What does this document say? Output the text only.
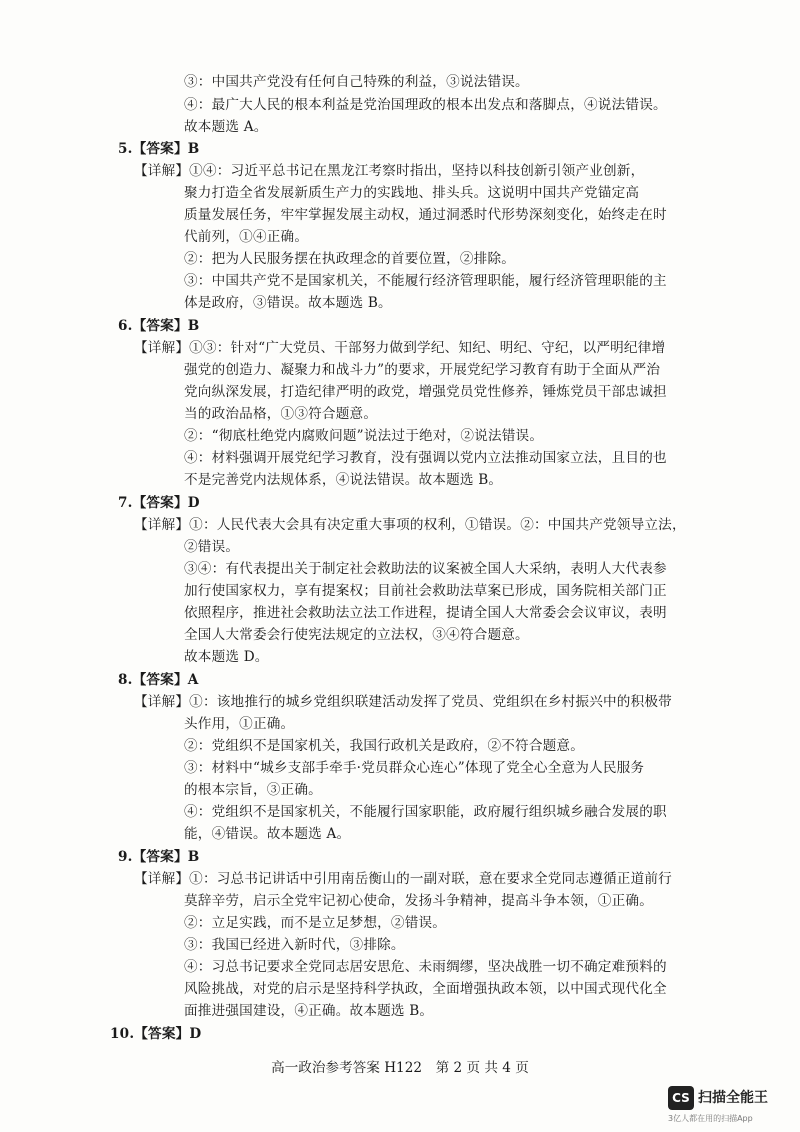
③：中国共产党没有任何自己特殊的利益，③说法错误。
④：最广大人民的根本利益是党治国理政的根本出发点和落脚点，④说法错误。
故本题选 A。
5.【答案】B
【详解】①④：习近平总书记在黑龙江考察时指出，坚持以科技创新引领产业创新，
聚力打造全省发展新质生产力的实践地、排头兵。这说明中国共产党锚定高
质量发展任务，牢牢掌握发展主动权，通过洞悉时代形势深刻变化，始终走在时
代前列，①④正确。
②：把为人民服务摆在执政理念的首要位置，②排除。
③：中国共产党不是国家机关，不能履行经济管理职能，履行经济管理职能的主
体是政府，③错误。故本题选 B。
6.【答案】B
【详解】①③：针对“广大党员、干部努力做到学纪、知纪、明纪、守纪，以严明纪律增
强党的创造力、凝聚力和战斗力”的要求，开展党纪学习教育有助于全面从严治
党向纵深发展，打造纪律严明的政党，增强党员党性修养，锤炼党员干部忠诚担
当的政治品格，①③符合题意。
②：“彻底杜绝党内腐败问题”说法过于绝对，②说法错误。
④：材料强调开展党纪学习教育，没有强调以党内立法推动国家立法，且目的也
不是完善党内法规体系，④说法错误。故本题选 B。
7.【答案】D
【详解】①：人民代表大会具有决定重大事项的权利，①错误。②：中国共产党领导立法，
②错误。
③④：有代表提出关于制定社会救助法的议案被全国人大采纳，表明人大代表参
加行使国家权力，享有提案权；目前社会救助法草案已形成，国务院相关部门正
依照程序，推进社会救助法立法工作进程，提请全国人大常委会会议审议，表明
全国人大常委会行使宪法规定的立法权，③④符合题意。
故本题选 D。
8.【答案】A
【详解】①：该地推行的城乡党组织联建活动发挥了党员、党组织在乡村振兴中的积极带
头作用，①正确。
②：党组织不是国家机关，我国行政机关是政府，②不符合题意。
③：材料中“城乡支部手牵手·党员群众心连心”体现了党全心全意为人民服务
的根本宗旨，③正确。
④：党组织不是国家机关，不能履行国家职能，政府履行组织城乡融合发展的职
能，④错误。故本题选 A。
9.【答案】B
【详解】①：习总书记讲话中引用南岳衡山的一副对联，意在要求全党同志遵循正道前行
莫辞辛劳，启示全党牢记初心使命，发扬斗争精神，提高斗争本领，①正确。
②：立足实践，而不是立足梦想，②错误。
③：我国已经进入新时代，③排除。
④：习总书记要求全党同志居安思危、未雨绸缪，坚决战胜一切不确定难预料的
风险挑战，对党的启示是坚持科学执政，全面增强执政本领，以中国式现代化全
面推进强国建设，④正确。故本题选 B。
10.【答案】D
高一政治参考答案 H122　第 2 页 共 4 页
CS 扫描全能王
3亿人都在用的扫描App
